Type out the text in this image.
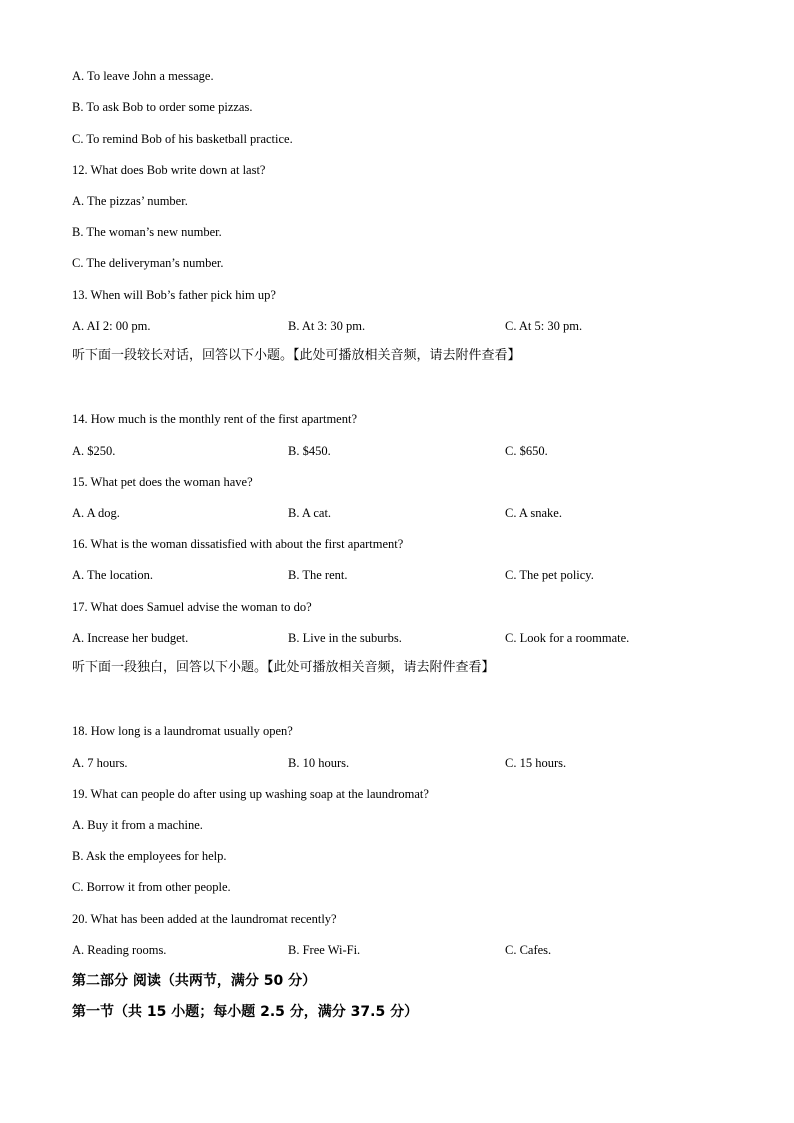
A. To leave John a message.
B. To ask Bob to order some pizzas.
C. To remind Bob of his basketball practice.
12. What does Bob write down at last?
A. The pizzas’ number.
B. The woman’s new number.
C. The deliveryman’s number.
13. When will Bob’s father pick him up?
A. AI 2: 00 pm.	B. At 3: 30 pm.	C. At 5: 30 pm.
听下面一段较长对话，回答以下小题。【此处可播放相关音频，请去附件查看】
14. How much is the monthly rent of the first apartment?
A. $250.	B. $450.	C. $650.
15. What pet does the woman have?
A. A dog.	B. A cat.	C. A snake.
16. What is the woman dissatisfied with about the first apartment?
A. The location.	B. The rent.	C. The pet policy.
17. What does Samuel advise the woman to do?
A. Increase her budget.	B. Live in the suburbs.	C. Look for a roommate.
听下面一段独白，回答以下小题。【此处可播放相关音频，请去附件查看】
18. How long is a laundromat usually open?
A. 7 hours.	B. 10 hours.	C. 15 hours.
19. What can people do after using up washing soap at the laundromat?
A. Buy it from a machine.
B. Ask the employees for help.
C. Borrow it from other people.
20. What has been added at the laundromat recently?
A. Reading rooms.	B. Free Wi-Fi.	C. Cafes.
第二部分 阅读（共两节，满分 50 分）
第一节（共 15 小题；每小题 2.5 分，满分 37.5 分）
